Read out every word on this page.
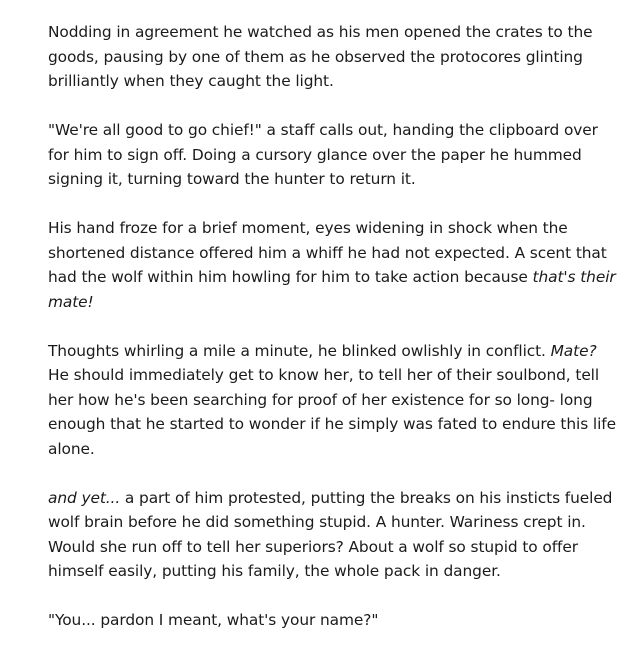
Nodding in agreement he watched as his men opened the crates to the goods, pausing by one of them as he observed the protocores glinting brilliantly when they caught the light.

"We're all good to go chief!" a staff calls out, handing the clipboard over for him to sign off. Doing a cursory glance over the paper he hummed signing it, turning toward the hunter to return it.

His hand froze for a brief moment, eyes widening in shock when the shortened distance offered him a whiff he had not expected. A scent that had the wolf within him howling for him to take action because that's their mate!

Thoughts whirling a mile a minute, he blinked owlishly in conflict. Mate? He should immediately get to know her, to tell her of their soulbond, tell her how he's been searching for proof of her existence for so long- long enough that he started to wonder if he simply was fated to endure this life alone.

and yet... a part of him protested, putting the breaks on his insticts fueled wolf brain before he did something stupid. A hunter. Wariness crept in. Would she run off to tell her superiors? About a wolf so stupid to offer himself easily, putting his family, the whole pack in danger.

"You... pardon I meant, what's your name?"
